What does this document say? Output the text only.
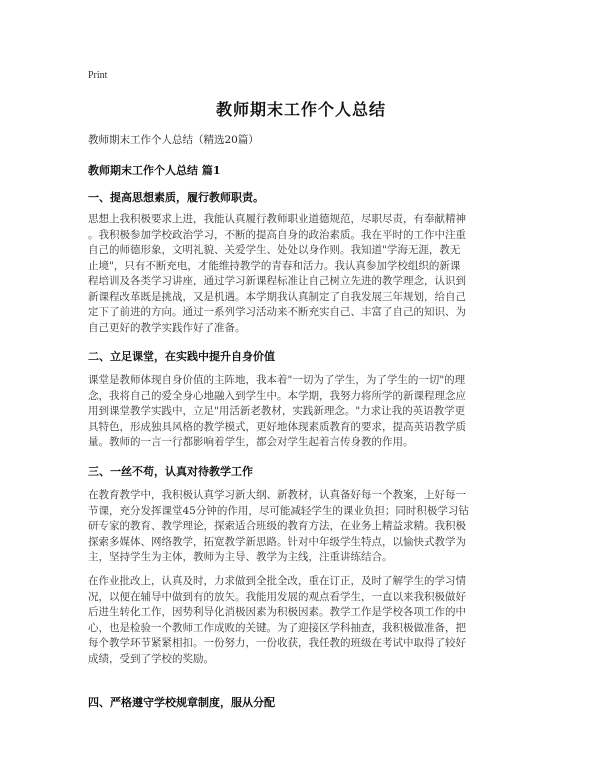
Print
教师期末工作个人总结
教师期末工作个人总结（精选20篇）
教师期末工作个人总结 篇1
一、提高思想素质，履行教师职责。
思想上我积极要求上进，我能认真履行教师职业道德规范，尽职尽责，有奉献精神
。我积极参加学校政治学习，不断的提高自身的政治素质。我在平时的工作中注重
自己的师德形象，文明礼貌、关爱学生、处处以身作则。我知道"学海无涯，教无
止境"，只有不断充电，才能维持教学的青春和活力。我认真参加学校组织的新课
程培训及各类学习讲座，通过学习新课程标准让自己树立先进的教学理念，认识到
新课程改革既是挑战，又是机遇。本学期我认真制定了自我发展三年规划，给自己
定下了前进的方向。通过一系列学习活动来不断充实自己、丰富了自己的知识、为
自己更好的教学实践作好了准备。
二、立足课堂，在实践中提升自身价值
课堂是教师体现自身价值的主阵地，我本着"一切为了学生，为了学生的一切"的理
念，我将自己的爱全身心地融入到学生中。本学期，我努力将所学的新课程理念应
用到课堂教学实践中，立足"用活新老教材，实践新理念。"力求让我的英语教学更
具特色，形成独具风格的教学模式，更好地体现素质教育的要求，提高英语教学质
量。教师的一言一行都影响着学生，都会对学生起着言传身教的作用。
三、一丝不苟，认真对待教学工作
在教育教学中，我积极认真学习新大纲、新教材，认真备好每一个教案，上好每一
节课，充分发挥课堂45分钟的作用，尽可能减轻学生的课业负担；同时积极学习钻
研专家的教育、教学理论，探索适合班级的教育方法，在业务上精益求精。我积极
探索多媒体、网络教学，拓宽教学新思路。针对中年级学生特点，以愉快式教学为
主，坚持学生为主体，教师为主导、教学为主线，注重讲练结合。
在作业批改上，认真及时，力求做到全批全改，重在订正，及时了解学生的学习情
况，以便在辅导中做到有的放矢。我能用发展的观点看学生，一直以来我积极做好
后进生转化工作，因势利导化消极因素为积极因素。教学工作是学校各项工作的中
心，也是检验一个教师工作成败的关键。为了迎接区学科抽查，我积极做准备，把
每个教学环节紧紧相扣。一份努力，一份收获，我任教的班级在考试中取得了较好
成绩，受到了学校的奖励。
四、严格遵守学校规章制度，服从分配
